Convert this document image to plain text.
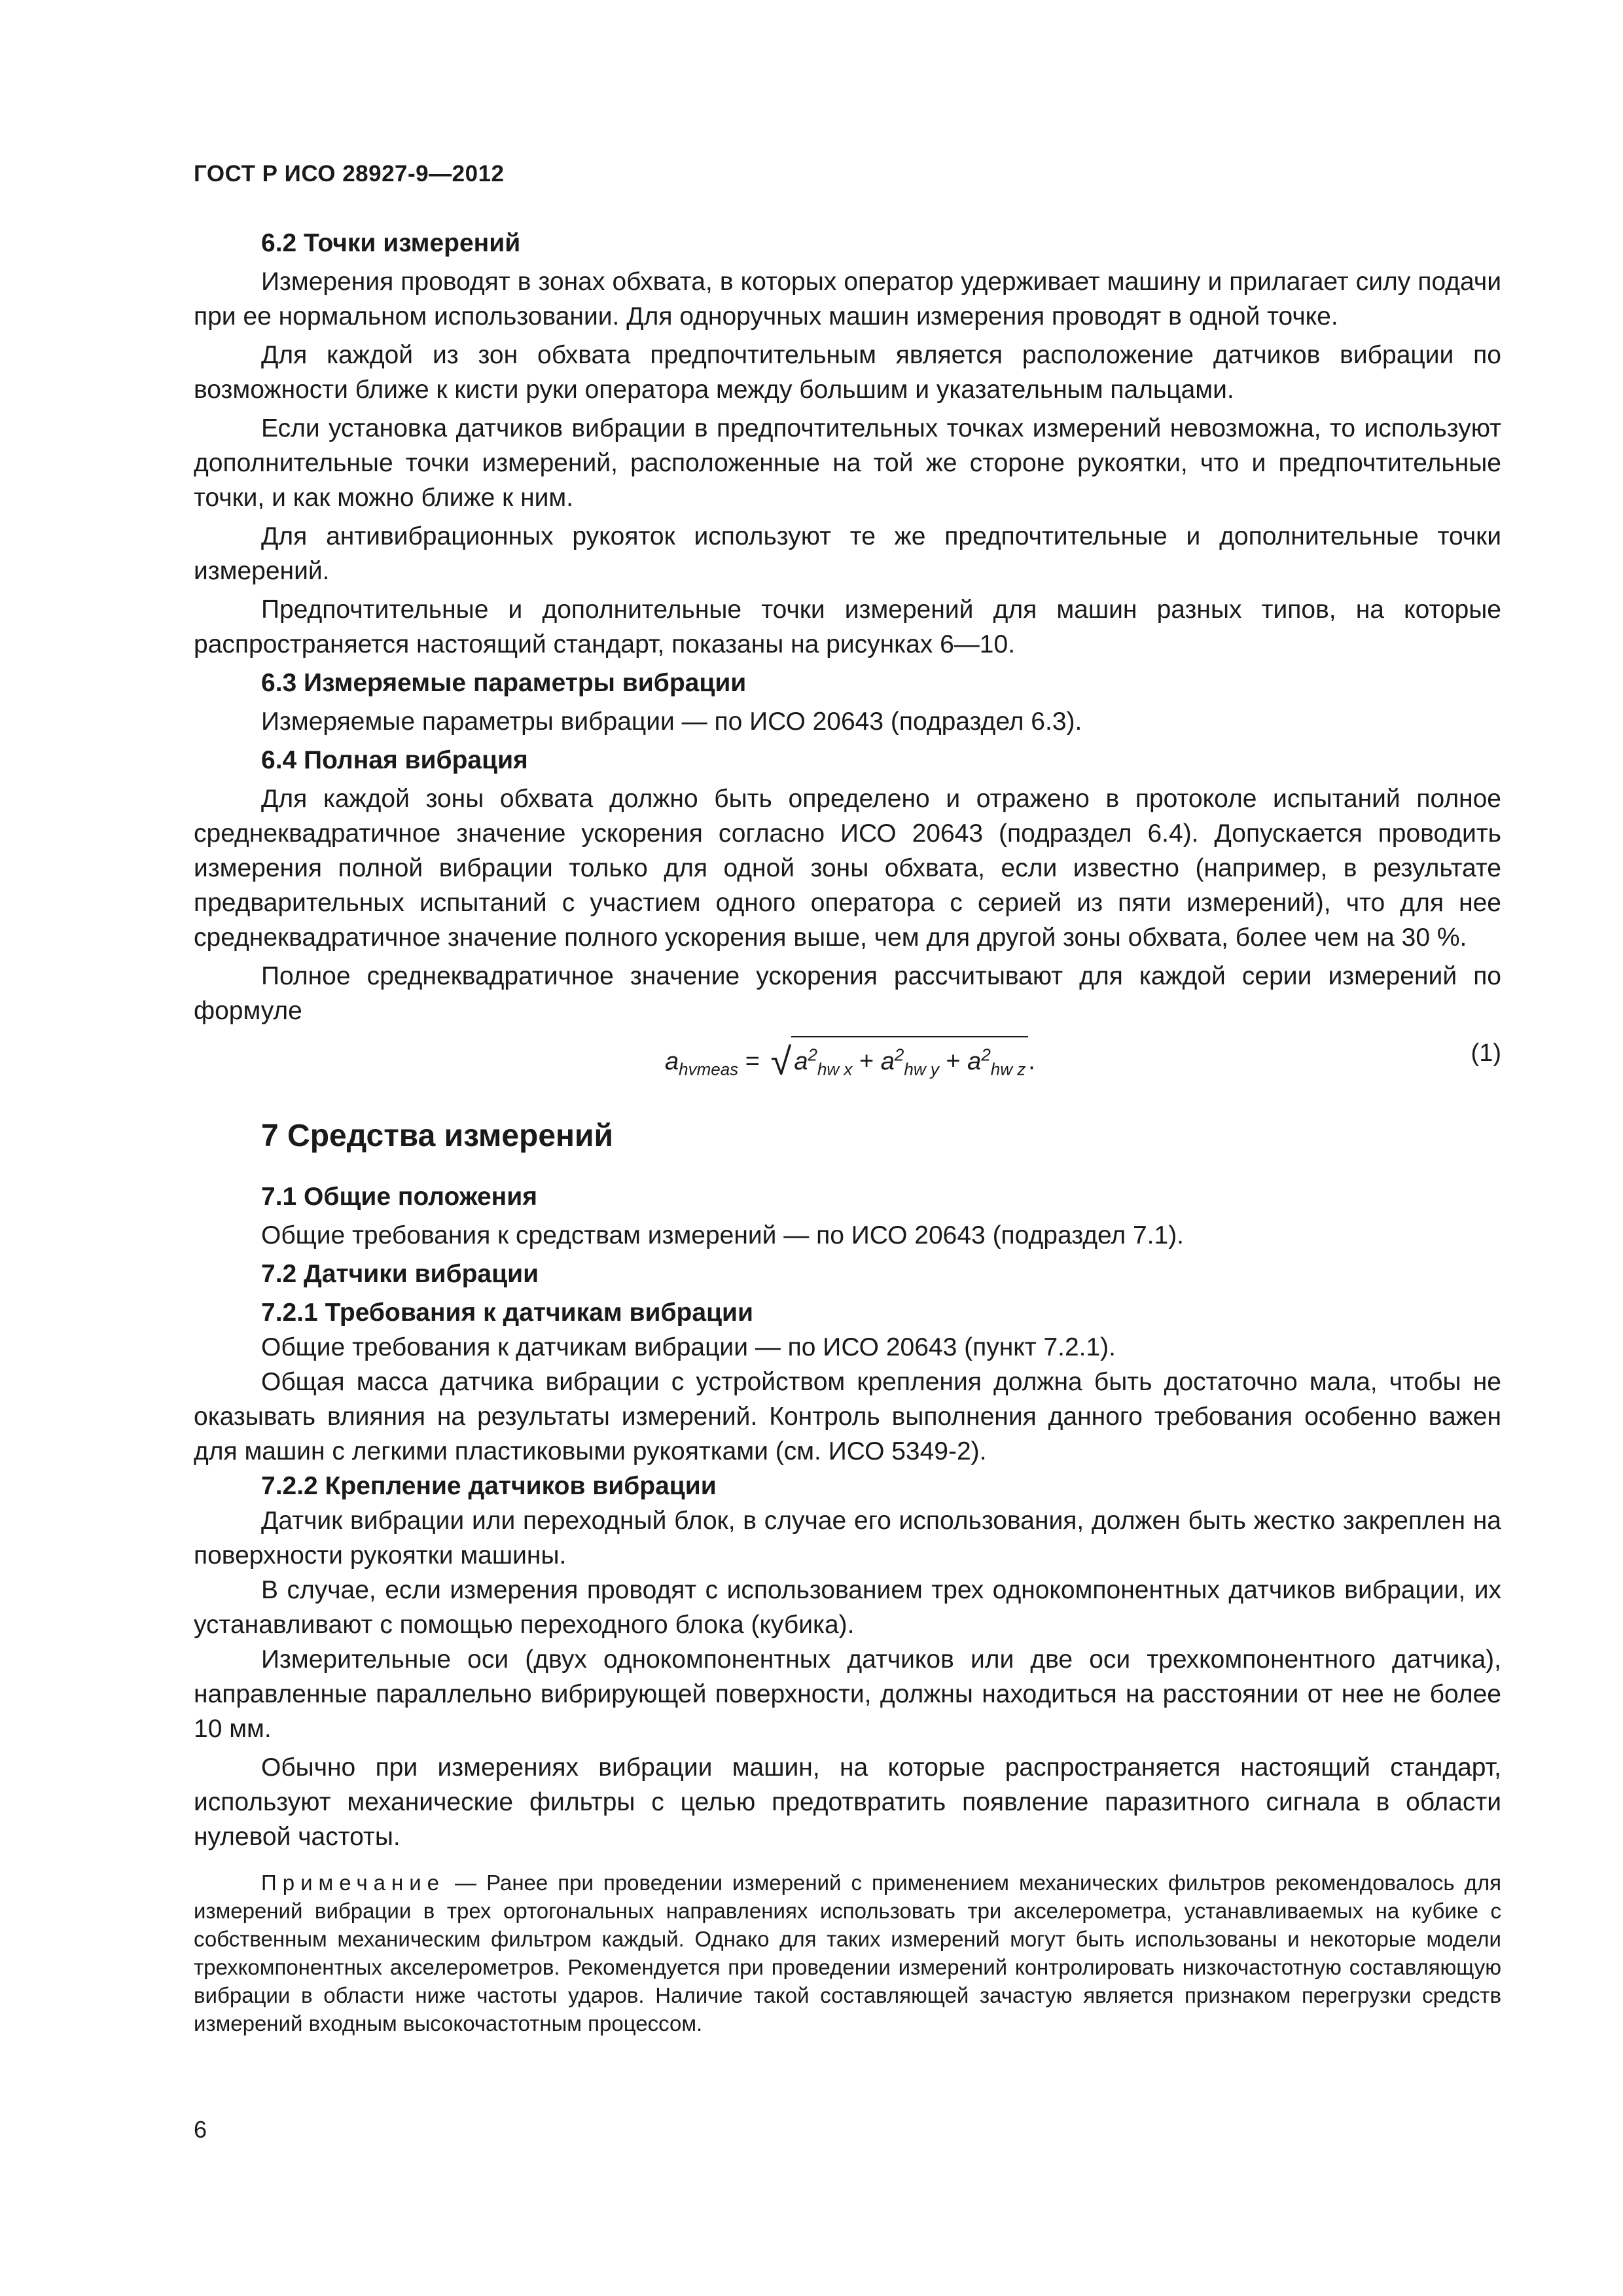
ГОСТ Р ИСО 28927-9—2012
6.2 Точки измерений
Измерения проводят в зонах обхвата, в которых оператор удерживает машину и прилагает силу подачи при ее нормальном использовании. Для одноручных машин измерения проводят в одной точке.
Для каждой из зон обхвата предпочтительным является расположение датчиков вибрации по возможности ближе к кисти руки оператора между большим и указательным пальцами.
Если установка датчиков вибрации в предпочтительных точках измерений невозможна, то используют дополнительные точки измерений, расположенные на той же стороне рукоятки, что и предпочтительные точки, и как можно ближе к ним.
Для антивибрационных рукояток используют те же предпочтительные и дополнительные точки измерений.
Предпочтительные и дополнительные точки измерений для машин разных типов, на которые распространяется настоящий стандарт, показаны на рисунках 6—10.
6.3 Измеряемые параметры вибрации
Измеряемые параметры вибрации — по ИСО 20643 (подраздел 6.3).
6.4 Полная вибрация
Для каждой зоны обхвата должно быть определено и отражено в протоколе испытаний полное среднеквадратичное значение ускорения согласно ИСО 20643 (подраздел 6.4). Допускается проводить измерения полной вибрации только для одной зоны обхвата, если известно (например, в результате предварительных испытаний с участием одного оператора с серией из пяти измерений), что для нее среднеквадратичное значение полного ускорения выше, чем для другой зоны обхвата, более чем на 30 %.
Полное среднеквадратичное значение ускорения рассчитывают для каждой серии измерений по формуле
$a_{hvmeas}$ = √ $a^2_{hw x} + a^2_{hw y} + a^2_{hw z}$ .	(1)
7 Средства измерений
7.1 Общие положения
Общие требования к средствам измерений — по ИСО 20643 (подраздел 7.1).
7.2 Датчики вибрации
7.2.1 Требования к датчикам вибрации
Общие требования к датчикам вибрации — по ИСО 20643 (пункт 7.2.1).
Общая масса датчика вибрации с устройством крепления должна быть достаточно мала, чтобы не оказывать влияния на результаты измерений. Контроль выполнения данного требования особенно важен для машин с легкими пластиковыми рукоятками (см. ИСО 5349-2).
7.2.2 Крепление датчиков вибрации
Датчик вибрации или переходный блок, в случае его использования, должен быть жестко закреплен на поверхности рукоятки машины.
В случае, если измерения проводят с использованием трех однокомпонентных датчиков вибрации, их устанавливают с помощью переходного блока (кубика).
Измерительные оси (двух однокомпонентных датчиков или две оси трехкомпонентного датчика), направленные параллельно вибрирующей поверхности, должны находиться на расстоянии от нее не более 10 мм.
Обычно при измерениях вибрации машин, на которые распространяется настоящий стандарт, используют механические фильтры с целью предотвратить появление паразитного сигнала в области нулевой частоты.
Примечание — Ранее при проведении измерений с применением механических фильтров рекомендовалось для измерений вибрации в трех ортогональных направлениях использовать три акселерометра, устанавливаемых на кубике с собственным механическим фильтром каждый. Однако для таких измерений могут быть использованы и некоторые модели трехкомпонентных акселерометров. Рекомендуется при проведении измерений контролировать низкочастотную составляющую вибрации в области ниже частоты ударов. Наличие такой составляющей зачастую является признаком перегрузки средств измерений входным высокочастотным процессом.
6
